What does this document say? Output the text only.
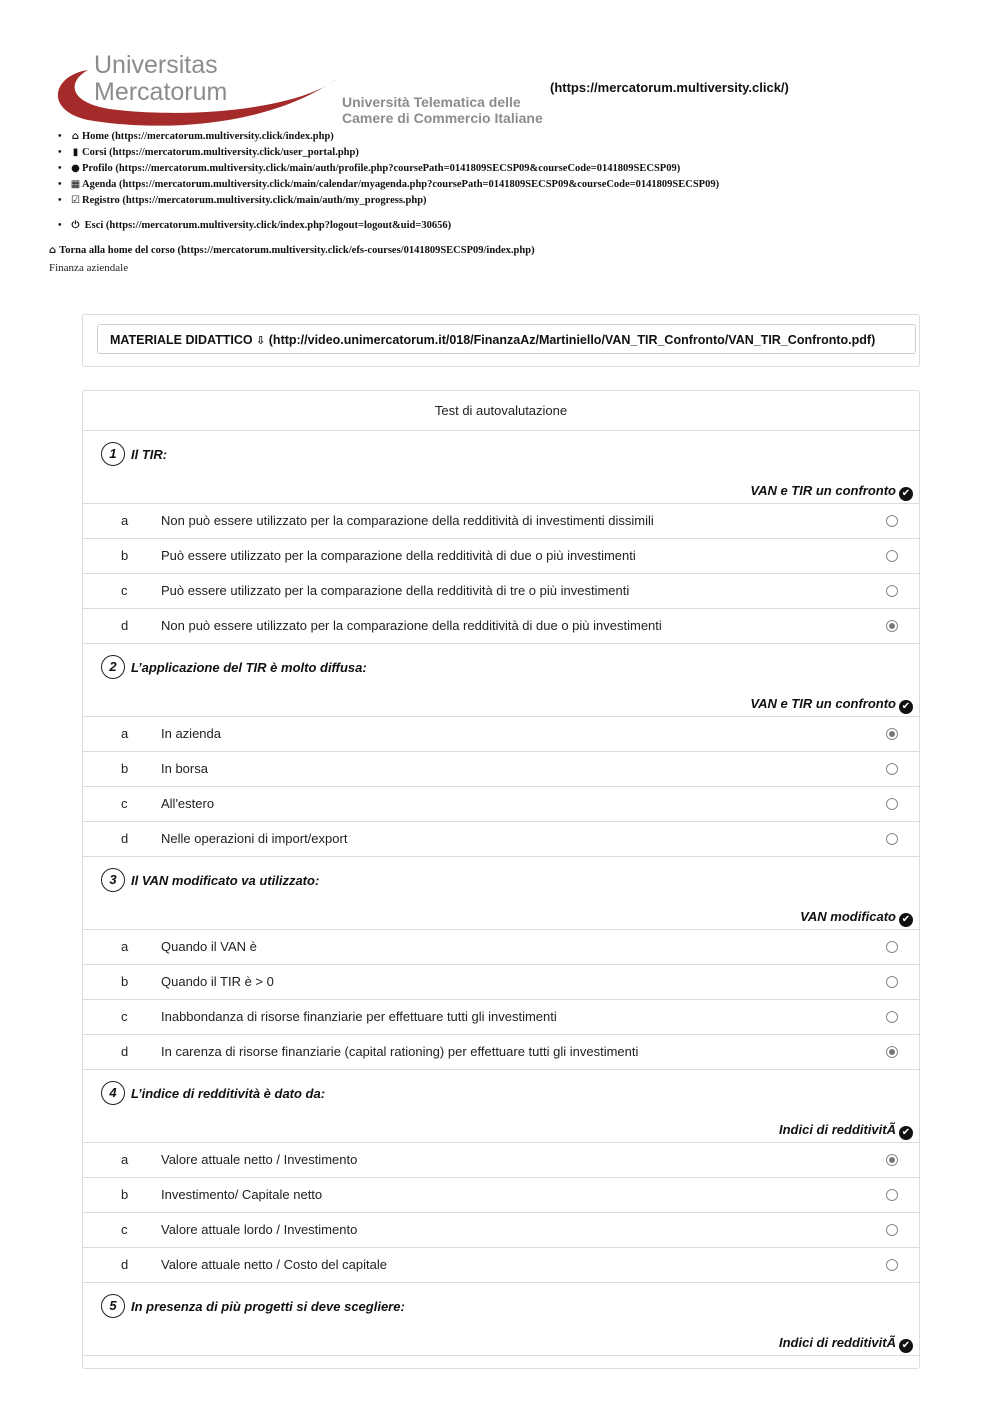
Universitas
Mercatorum	Università Telematica delle
Camere di Commercio Italiane
(https://mercatorum.multiversity.click/)
• ⌂ Home (https://mercatorum.multiversity.click/index.php)
• ▮ Corsi (https://mercatorum.multiversity.click/user_portal.php)
• ● Profilo (https://mercatorum.multiversity.click/main/auth/profile.php?coursePath=0141809SECSP09&courseCode=0141809SECSP09)
• ▦ Agenda (https://mercatorum.multiversity.click/main/calendar/myagenda.php?coursePath=0141809SECSP09&courseCode=0141809SECSP09)
• ☑ Registro (https://mercatorum.multiversity.click/main/auth/my_progress.php)
• ⏻ Esci (https://mercatorum.multiversity.click/index.php?logout=logout&uid=30656)
⌂ Torna alla home del corso (https://mercatorum.multiversity.click/efs-courses/0141809SECSP09/index.php)
Finanza aziendale
MATERIALE DIDATTICO ⇩ (http://video.unimercatorum.it/018/FinanzaAz/Martiniello/VAN_TIR_Confronto/VAN_TIR_Confronto.pdf)
Test di autovalutazione
1	Il TIR:
VAN e TIR un confronto ✔
a	Non può essere utilizzato per la comparazione della redditività di investimenti dissimili
b	Può essere utilizzato per la comparazione della redditività di due o più investimenti
c	Può essere utilizzato per la comparazione della redditività di tre o più investimenti
d	Non può essere utilizzato per la comparazione della redditività di due o più investimenti
2	L’applicazione del TIR è molto diffusa:
VAN e TIR un confronto ✔
a	In azienda
b	In borsa
c	All'estero
d	Nelle operazioni di import/export
3	Il VAN modificato va utilizzato:
VAN modificato ✔
a	Quando il VAN è
b	Quando il TIR è > 0
c	Inabbondanza di risorse finanziarie per effettuare tutti gli investimenti
d	In carenza di risorse finanziarie (capital rationing) per effettuare tutti gli investimenti
4	L’indice di redditività è dato da:
Indici di redditivitÃ ✔
a	Valore attuale netto / Investimento
b	Investimento/ Capitale netto
c	Valore attuale lordo / Investimento
d	Valore attuale netto / Costo del capitale
5	In presenza di più progetti si deve scegliere:
Indici di redditivitÃ ✔
